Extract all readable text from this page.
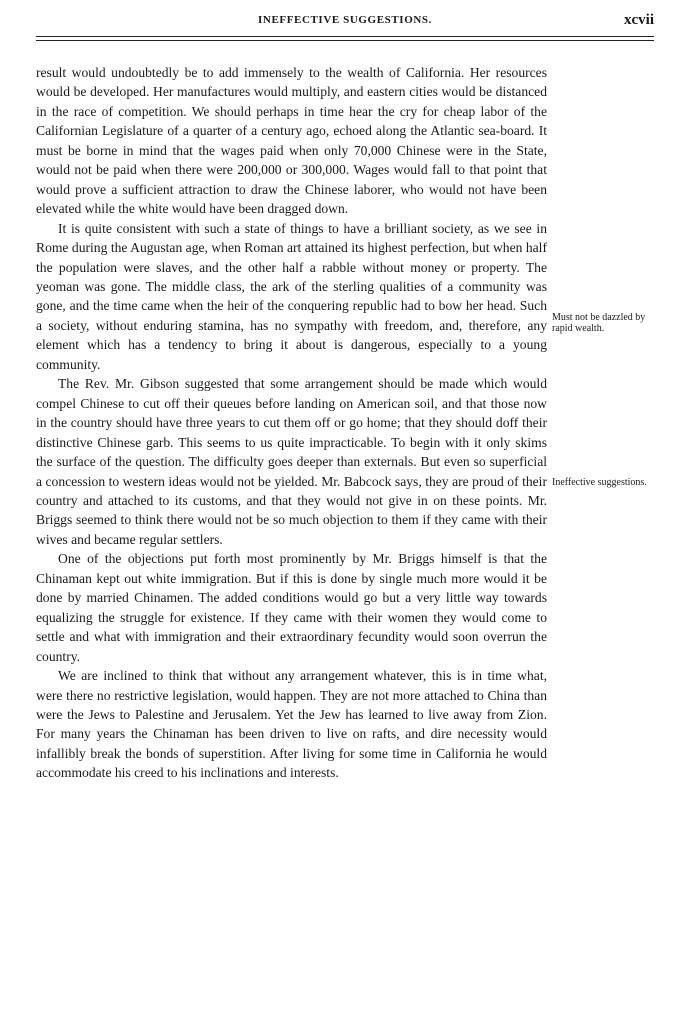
INEFFECTIVE SUGGESTIONS.	xcvii

result would undoubtedly be to add immensely to the wealth of California. Her resources would be developed. Her manufactures would multiply, and eastern cities would be distanced in the race of competition. We should perhaps in time hear the cry for cheap labor of the Californian Legislature of a quarter of a century ago, echoed along the Atlantic sea-board. It must be borne in mind that the wages paid when only 70,000 Chinese were in the State, would not be paid when there were 200,000 or 300,000. Wages would fall to that point that would prove a sufficient attraction to draw the Chinese laborer, who would not have been elevated while the white would have been dragged down.

It is quite consistent with such a state of things to have a brilliant society, as we see in Rome during the Augustan age, when Roman art attained its highest perfection, but when half the population were slaves, and the other half a rabble without money or property. The yeoman was gone. The middle class, the ark of the sterling qualities of a community was gone, and the time came when the heir of the conquering republic had to bow her head. Such a society, without enduring stamina, has no sympathy with freedom, and, therefore, any element which has a tendency to bring it about is dangerous, especially to a young community.

The Rev. Mr. Gibson suggested that some arrangement should be made which would compel Chinese to cut off their queues before landing on American soil, and that those now in the country should have three years to cut them off or go home; that they should doff their distinctive Chinese garb. This seems to us quite impracticable. To begin with it only skims the surface of the question. The difficulty goes deeper than externals. But even so superficial a concession to western ideas would not be yielded. Mr. Babcock says, they are proud of their country and attached to its customs, and that they would not give in on these points. Mr. Briggs seemed to think there would not be so much objection to them if they came with their wives and became regular settlers.

One of the objections put forth most prominently by Mr. Briggs himself is that the Chinaman kept out white immigration. But if this is done by single much more would it be done by married Chinamen. The added conditions would go but a very little way towards equalizing the struggle for existence. If they came with their women they would come to settle and what with immigration and their extraordinary fecundity would soon overrun the country.

We are inclined to think that without any arrangement whatever, this is in time what, were there no restrictive legislation, would happen. They are not more attached to China than were the Jews to Palestine and Jerusalem. Yet the Jew has learned to live away from Zion. For many years the Chinaman has been driven to live on rafts, and dire necessity would infallibly break the bonds of superstition. After living for some time in California he would accommodate his creed to his inclinations and interests.

Must not be dazzled by rapid wealth.
Ineffective suggestions.
